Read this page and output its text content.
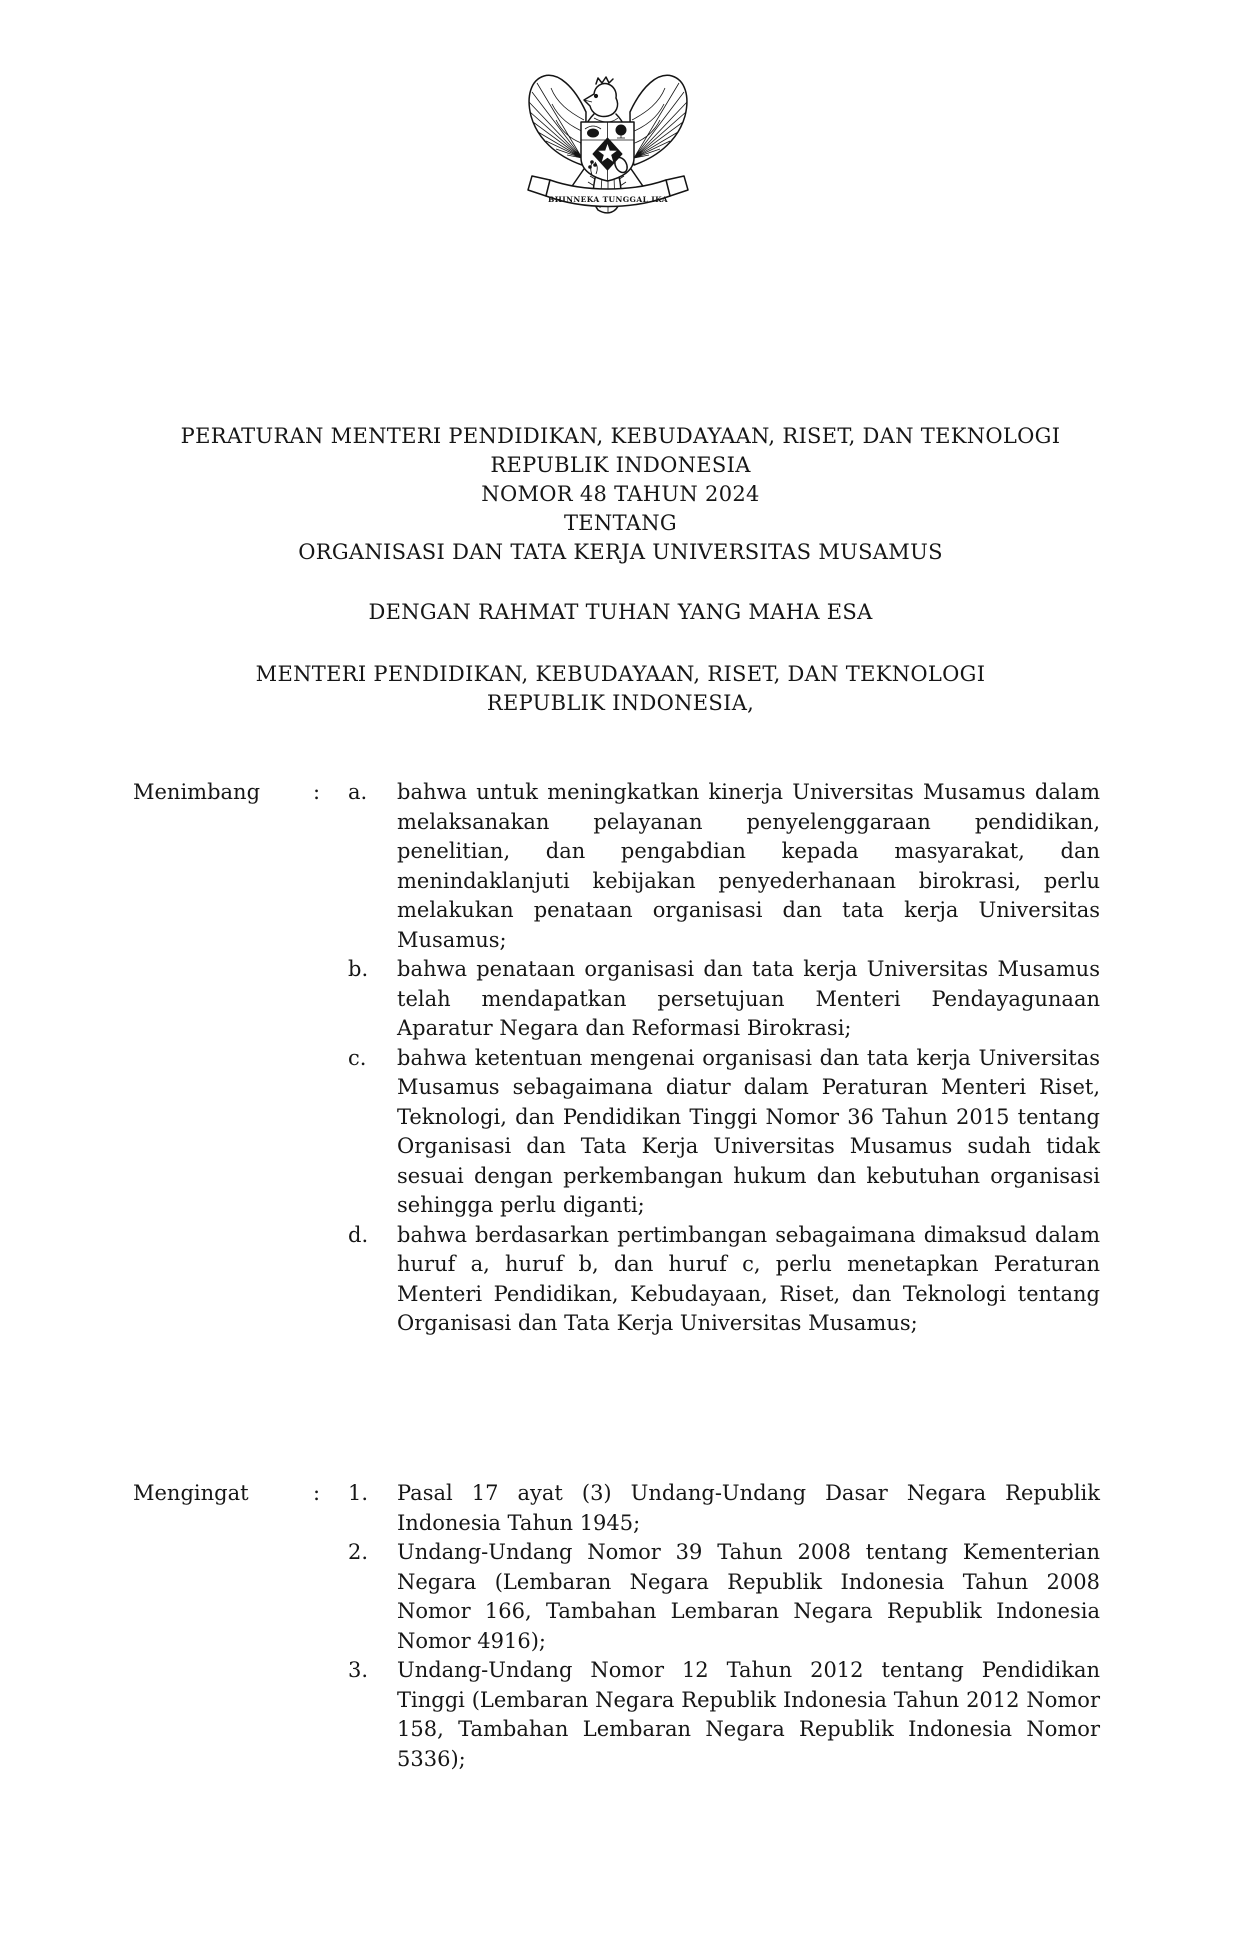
BHINNEKA TUNGGAL IKA
PERATURAN MENTERI PENDIDIKAN, KEBUDAYAAN, RISET, DAN TEKNOLOGI
REPUBLIK INDONESIA
NOMOR 48 TAHUN 2024
TENTANG
ORGANISASI DAN TATA KERJA UNIVERSITAS MUSAMUS
DENGAN RAHMAT TUHAN YANG MAHA ESA
MENTERI PENDIDIKAN, KEBUDAYAAN, RISET, DAN TEKNOLOGI
REPUBLIK INDONESIA,
Menimbang	:	a.	bahwa untuk meningkatkan kinerja Universitas Musamus dalam melaksanakan pelayanan penyelenggaraan pendidikan, penelitian, dan pengabdian kepada masyarakat, dan menindaklanjuti kebijakan penyederhanaan birokrasi, perlu melakukan penataan organisasi dan tata kerja Universitas Musamus;
b.	bahwa penataan organisasi dan tata kerja Universitas Musamus telah mendapatkan persetujuan Menteri Pendayagunaan Aparatur Negara dan Reformasi Birokrasi;
c.	bahwa ketentuan mengenai organisasi dan tata kerja Universitas Musamus sebagaimana diatur dalam Peraturan Menteri Riset, Teknologi, dan Pendidikan Tinggi Nomor 36 Tahun 2015 tentang Organisasi dan Tata Kerja Universitas Musamus sudah tidak sesuai dengan perkembangan hukum dan kebutuhan organisasi sehingga perlu diganti;
d.	bahwa berdasarkan pertimbangan sebagaimana dimaksud dalam huruf a, huruf b, dan huruf c, perlu menetapkan Peraturan Menteri Pendidikan, Kebudayaan, Riset, dan Teknologi tentang Organisasi dan Tata Kerja Universitas Musamus;
Mengingat	:	1.	Pasal 17 ayat (3) Undang-Undang Dasar Negara Republik Indonesia Tahun 1945;
2.	Undang-Undang Nomor 39 Tahun 2008 tentang Kementerian Negara (Lembaran Negara Republik Indonesia Tahun 2008 Nomor 166, Tambahan Lembaran Negara Republik Indonesia Nomor 4916);
3.	Undang-Undang Nomor 12 Tahun 2012 tentang Pendidikan Tinggi (Lembaran Negara Republik Indonesia Tahun 2012 Nomor 158, Tambahan Lembaran Negara Republik Indonesia Nomor 5336);
